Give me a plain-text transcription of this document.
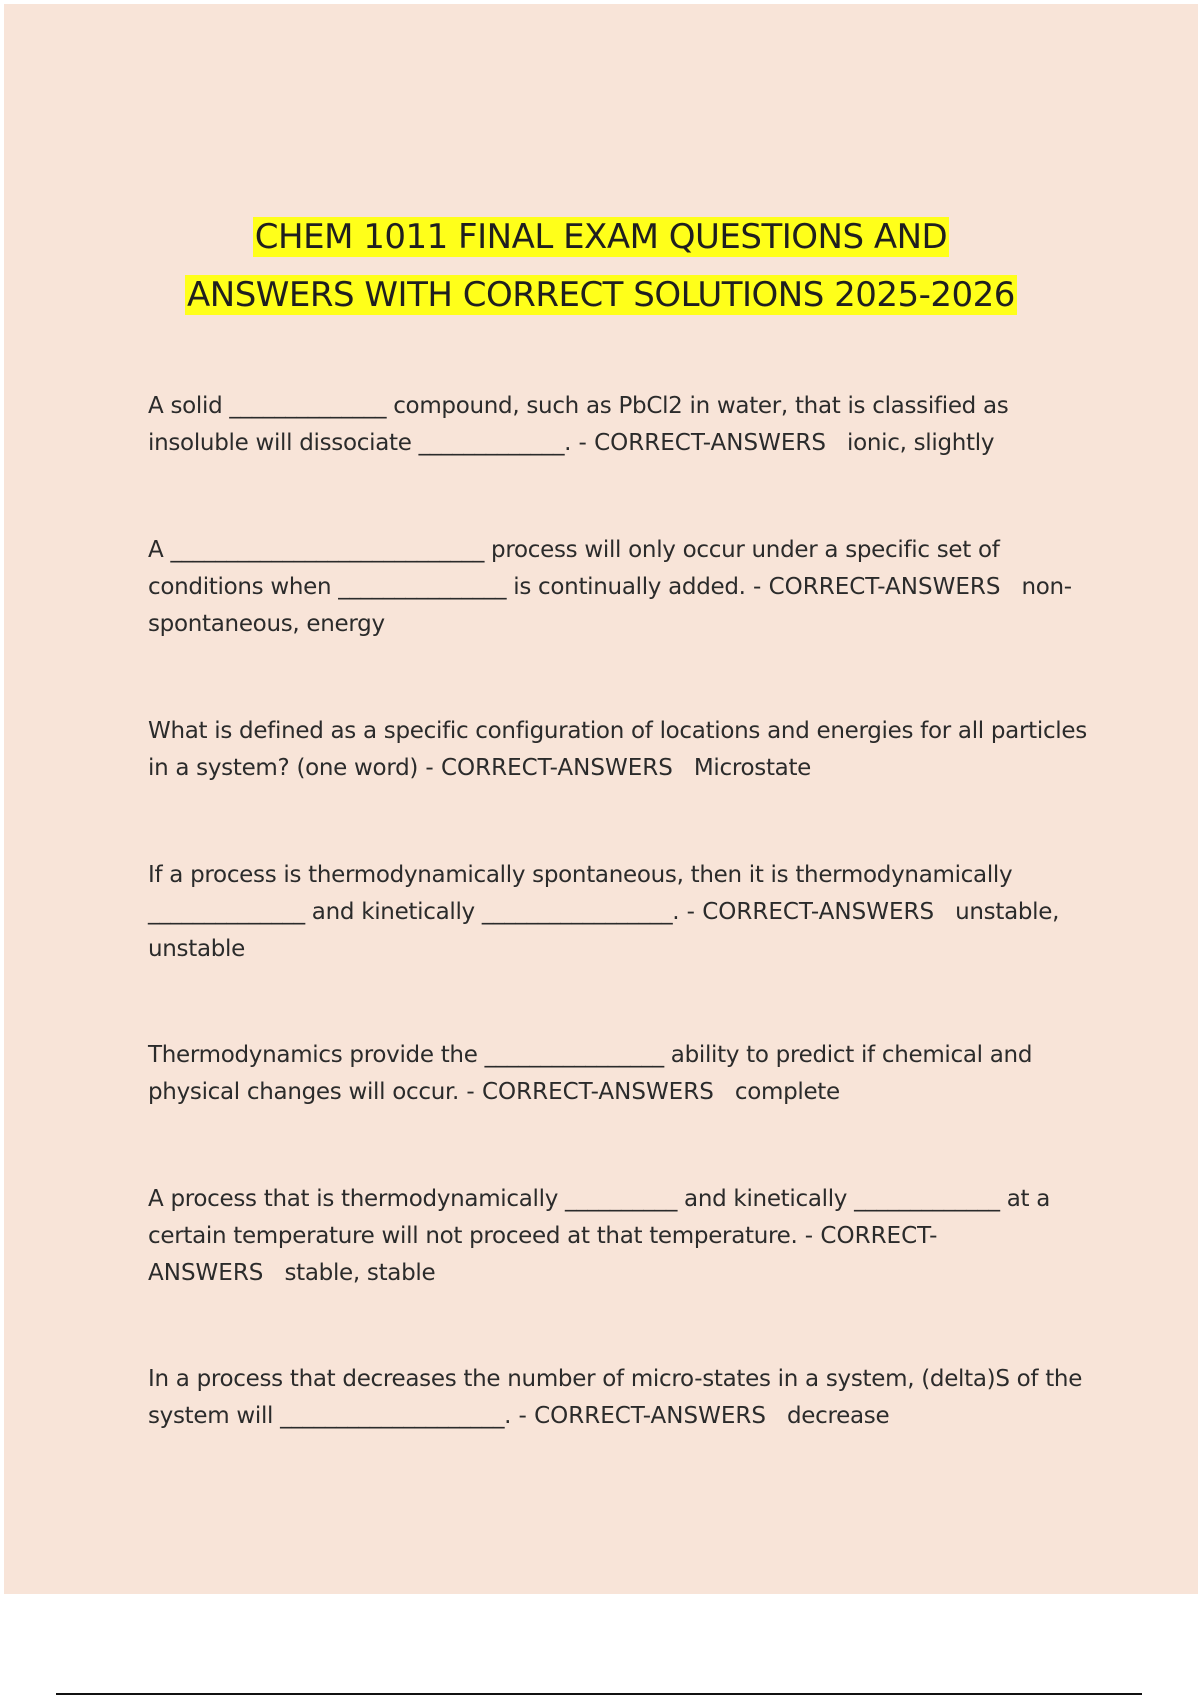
CHEM 1011 FINAL EXAM QUESTIONS AND
ANSWERS WITH CORRECT SOLUTIONS 2025-2026
A solid ______________ compound, such as PbCl2 in water, that is classified as insoluble will dissociate _____________. - CORRECT-ANSWERS ionic, slightly
A ____________________________ process will only occur under a specific set of conditions when _______________ is continually added. - CORRECT-ANSWERS non-spontaneous, energy
What is defined as a specific configuration of locations and energies for all particles in a system? (one word) - CORRECT-ANSWERS Microstate
If a process is thermodynamically spontaneous, then it is thermodynamically ______________ and kinetically _________________. - CORRECT-ANSWERS unstable, unstable
Thermodynamics provide the ________________ ability to predict if chemical and physical changes will occur. - CORRECT-ANSWERS complete
A process that is thermodynamically __________ and kinetically _____________ at a certain temperature will not proceed at that temperature. - CORRECT-ANSWERS stable, stable
In a process that decreases the number of micro-states in a system, (delta)S of the system will ____________________. - CORRECT-ANSWERS decrease
